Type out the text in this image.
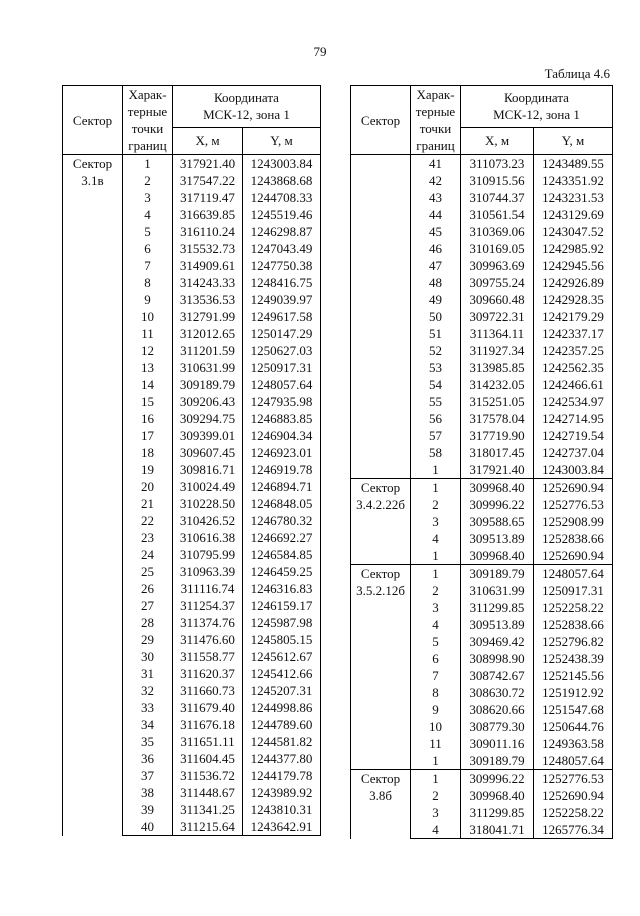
79
Таблица 4.6
Сектор	Харак-
терные
точки
границ	Координата
МСК-12, зона 1	

		X, м	Y, м

Сектор
3.1в	1	317921.40	1243003.84
	2	317547.22	1243868.68
	3	317119.47	1244708.33
	4	316639.85	1245519.46
	5	316110.24	1246298.87
	6	315532.73	1247043.49
	7	314909.61	1247750.38
	8	314243.33	1248416.75
	9	313536.53	1249039.97
	10	312791.99	1249617.58
	11	312012.65	1250147.29
	12	311201.59	1250627.03
	13	310631.99	1250917.31
	14	309189.79	1248057.64
	15	309206.43	1247935.98
	16	309294.75	1246883.85
	17	309399.01	1246904.34
	18	309607.45	1246923.01
	19	309816.71	1246919.78
	20	310024.49	1246894.71
	21	310228.50	1246848.05
	22	310426.52	1246780.32
	23	310616.38	1246692.27
	24	310795.99	1246584.85
	25	310963.39	1246459.25
	26	311116.74	1246316.83
	27	311254.37	1246159.17
	28	311374.76	1245987.98
	29	311476.60	1245805.15
	30	311558.77	1245612.67
	31	311620.37	1245412.66
	32	311660.73	1245207.31
	33	311679.40	1244998.86
	34	311676.18	1244789.60
	35	311651.11	1244581.82
	36	311604.45	1244377.80
	37	311536.72	1244179.78
	38	311448.67	1243989.92
	39	311341.25	1243810.31
	40	311215.64	1243642.91
Сектор	Харак-
терные
точки
границ	Координата
МСК-12, зона 1	

		X, м	Y, м
	41	311073.23	1243489.55
	42	310915.56	1243351.92
	43	310744.37	1243231.53
	44	310561.54	1243129.69
	45	310369.06	1243047.52
	46	310169.05	1242985.92
	47	309963.69	1242945.56
	48	309755.24	1242926.89
	49	309660.48	1242928.35
	50	309722.31	1242179.29
	51	311364.11	1242337.17
	52	311927.34	1242357.25
	53	313985.85	1242562.35
	54	314232.05	1242466.61
	55	315251.05	1242534.97
	56	317578.04	1242714.95
	57	317719.90	1242719.54
	58	318017.45	1242737.04
	1	317921.40	1243003.84

Сектор
3.4.2.22б	1	309968.40	1252690.94
	2	309996.22	1252776.53
	3	309588.65	1252908.99
	4	309513.89	1252838.66
	1	309968.40	1252690.94

Сектор
3.5.2.12б	1	309189.79	1248057.64
	2	310631.99	1250917.31
	3	311299.85	1252258.22
	4	309513.89	1252838.66
	5	309469.42	1252796.82
	6	308998.90	1252438.39
	7	308742.67	1252145.56
	8	308630.72	1251912.92
	9	308620.66	1251547.68
	10	308779.30	1250644.76
	11	309011.16	1249363.58
	1	309189.79	1248057.64

Сектор
3.8б	1	309996.22	1252776.53
	2	309968.40	1252690.94
	3	311299.85	1252258.22
	4	318041.71	1265776.34
